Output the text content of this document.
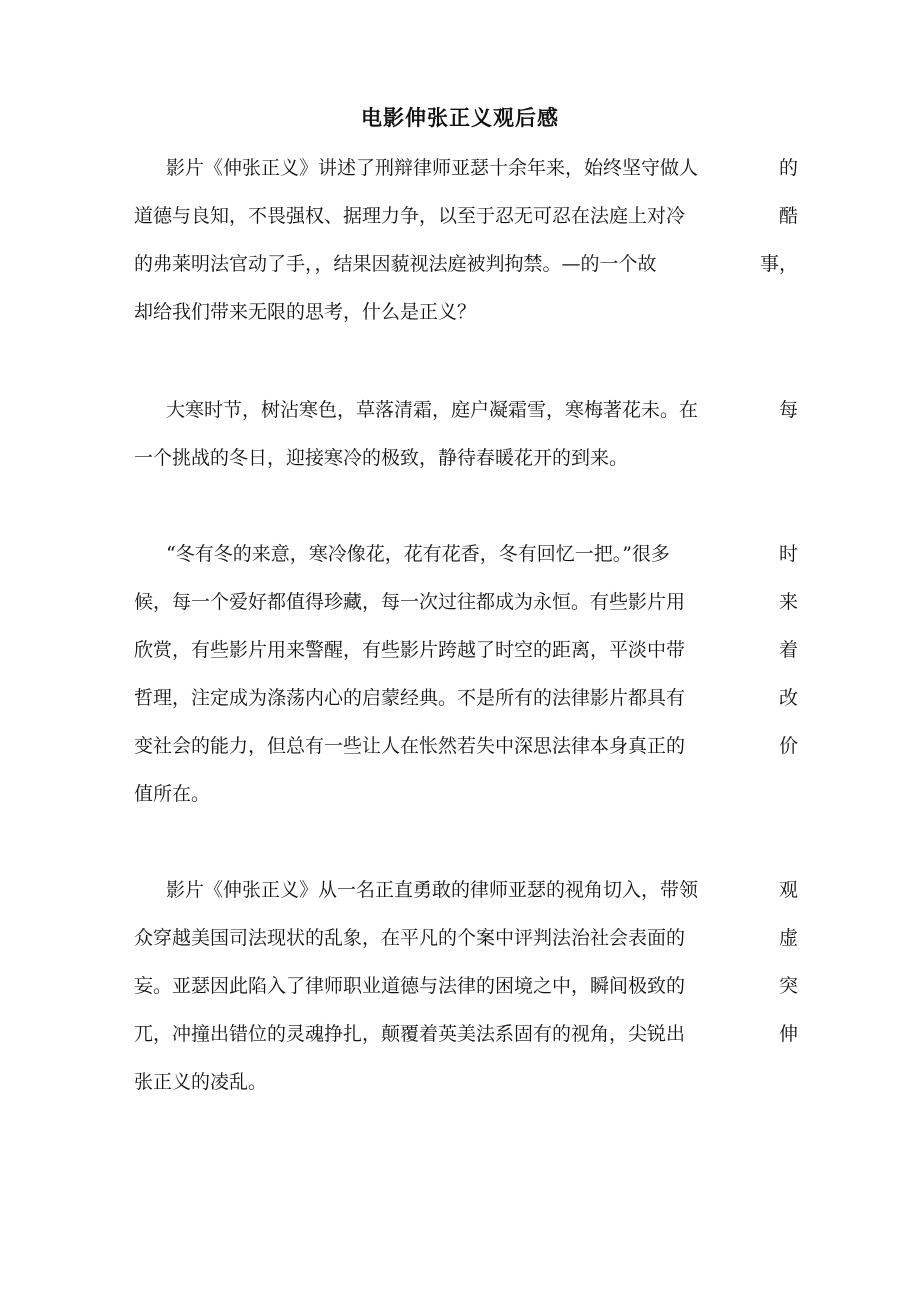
电影伸张正义观后感
影片《伸张正义》讲述了刑辩律师亚瑟十余年来，始终坚守做人	的
道德与良知，不畏强权、据理力争，以至于忍无可忍在法庭上对冷	酷
的弗莱明法官动了手，，结果因藐视法庭被判拘禁。—的一个故	事，
却给我们带来无限的思考，什么是正义？
大寒时节，树沾寒色，草落清霜，庭户凝霜雪，寒梅著花未。在	每
一个挑战的冬日，迎接寒冷的极致，静待春暖花开的到来。
“冬有冬的来意，寒冷像花，花有花香，冬有回忆一把。”很多	时
候，每一个爱好都值得珍藏，每一次过往都成为永恒。有些影片用	来
欣赏，有些影片用来警醒，有些影片跨越了时空的距离，平淡中带	着
哲理，注定成为涤荡内心的启蒙经典。不是所有的法律影片都具有	改
变社会的能力，但总有一些让人在怅然若失中深思法律本身真正的	价
值所在。
影片《伸张正义》从一名正直勇敢的律师亚瑟的视角切入，带领	观
众穿越美国司法现状的乱象，在平凡的个案中评判法治社会表面的	虚
妄。亚瑟因此陷入了律师职业道德与法律的困境之中，瞬间极致的	突
兀，冲撞出错位的灵魂挣扎，颠覆着英美法系固有的视角，尖锐出	伸
张正义的凌乱。
